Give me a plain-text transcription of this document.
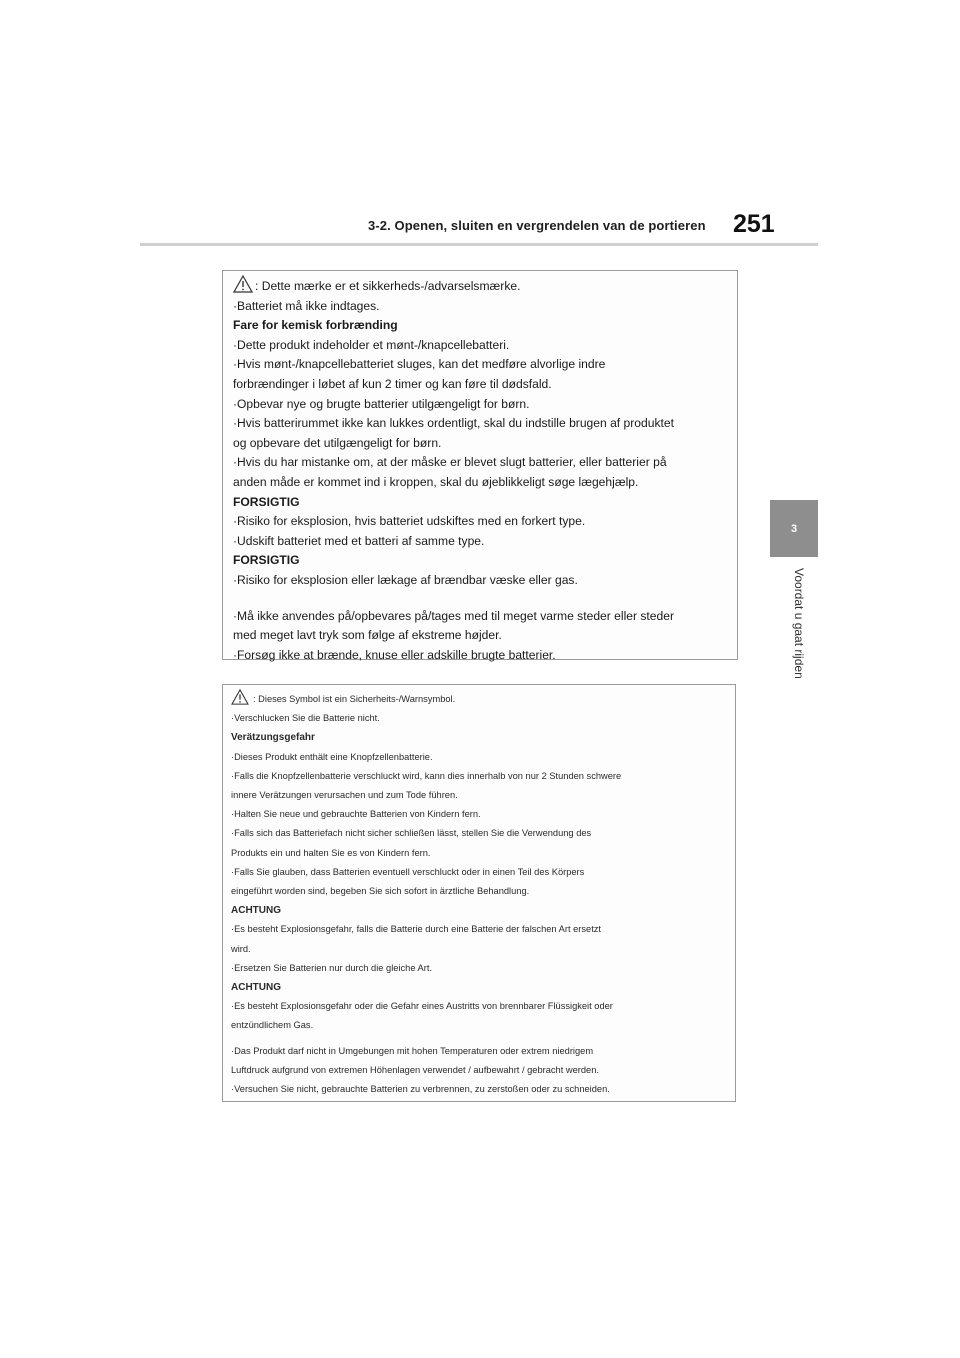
3-2. Openen, sluiten en vergrendelen van de portieren 251
3
Voordat u gaat rijden
: Dette mærke er et sikkerheds-/advarselsmærke.
·Batteriet må ikke indtages.
Fare for kemisk forbrænding
·Dette produkt indeholder et mønt-/knapcellebatteri.
·Hvis mønt-/knapcellebatteriet sluges, kan det medføre alvorlige indre
forbrændinger i løbet af kun 2 timer og kan føre til dødsfald.
·Opbevar nye og brugte batterier utilgængeligt for børn.
·Hvis batterirummet ikke kan lukkes ordentligt, skal du indstille brugen af produktet
og opbevare det utilgængeligt for børn.
·Hvis du har mistanke om, at der måske er blevet slugt batterier, eller batterier på
anden måde er kommet ind i kroppen, skal du øjeblikkeligt søge lægehjælp.
FORSIGTIG
·Risiko for eksplosion, hvis batteriet udskiftes med en forkert type.
·Udskift batteriet med et batteri af samme type.
FORSIGTIG
·Risiko for eksplosion eller lækage af brændbar væske eller gas.
·Må ikke anvendes på/opbevares på/tages med til meget varme steder eller steder
med meget lavt tryk som følge af ekstreme højder.
·Forsøg ikke at brænde, knuse eller adskille brugte batterier.
: Dieses Symbol ist ein Sicherheits-/Warnsymbol.
·Verschlucken Sie die Batterie nicht.
Verätzungsgefahr
·Dieses Produkt enthält eine Knopfzellenbatterie.
·Falls die Knopfzellenbatterie verschluckt wird, kann dies innerhalb von nur 2 Stunden schwere
innere Verätzungen verursachen und zum Tode führen.
·Halten Sie neue und gebrauchte Batterien von Kindern fern.
·Falls sich das Batteriefach nicht sicher schließen lässt, stellen Sie die Verwendung des
Produkts ein und halten Sie es von Kindern fern.
·Falls Sie glauben, dass Batterien eventuell verschluckt oder in einen Teil des Körpers
eingeführt worden sind, begeben Sie sich sofort in ärztliche Behandlung.
ACHTUNG
·Es besteht Explosionsgefahr, falls die Batterie durch eine Batterie der falschen Art ersetzt
wird.
·Ersetzen Sie Batterien nur durch die gleiche Art.
ACHTUNG
·Es besteht Explosionsgefahr oder die Gefahr eines Austritts von brennbarer Flüssigkeit oder
entzündlichem Gas.
·Das Produkt darf nicht in Umgebungen mit hohen Temperaturen oder extrem niedrigem
Luftdruck aufgrund von extremen Höhenlagen verwendet / aufbewahrt / gebracht werden.
·Versuchen Sie nicht, gebrauchte Batterien zu verbrennen, zu zerstoßen oder zu schneiden.
